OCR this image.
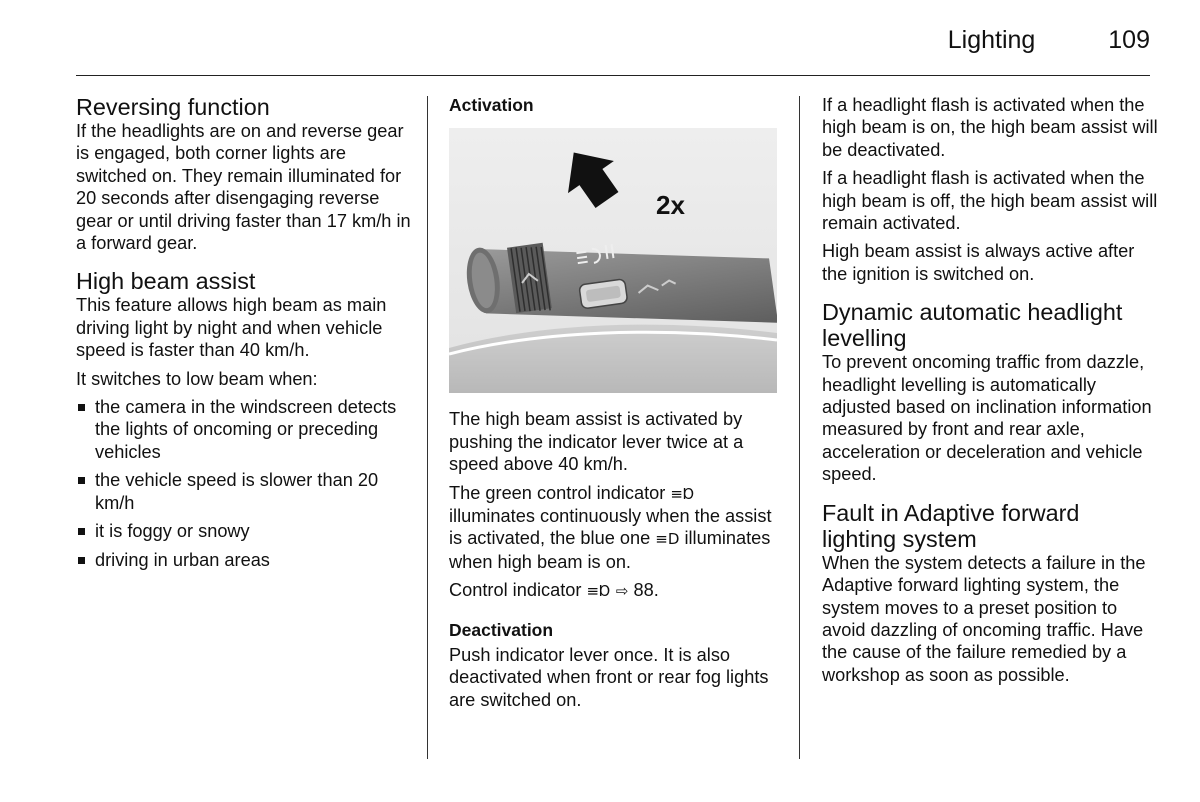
Lighting	109
Reversing function

If the headlights are on and reverse gear is engaged, both corner lights are switched on. They remain illuminated for 20 seconds after disengaging reverse gear or until driving faster than 17 km/h in a forward gear.

High beam assist

This feature allows high beam as main driving light by night and when vehicle speed is faster than 40 km/h.

It switches to low beam when:

the camera in the windscreen detects the lights of oncoming or preceding vehicles
the vehicle speed is slower than 20 km/h
it is foggy or snowy
driving in urban areas
Activation
2x

The high beam assist is activated by pushing the indicator lever twice at a speed above 40 km/h.

The green control indicator ≡Ɒ illuminates continuously when the assist is activated, the blue one ≡D illuminates when high beam is on.

Control indicator ≡Ɒ ⇨ 88.

Deactivation

Push indicator lever once. It is also deactivated when front or rear fog lights are switched on.

If a headlight flash is activated when the high beam is on, the high beam assist will be deactivated.

If a headlight flash is activated when the high beam is off, the high beam assist will remain activated.

High beam assist is always active after the ignition is switched on.

Dynamic automatic headlight levelling

To prevent oncoming traffic from dazzle, headlight levelling is automatically adjusted based on inclination information measured by front and rear axle, acceleration or deceleration and vehicle speed.

Fault in Adaptive forward lighting system

When the system detects a failure in the Adaptive forward lighting system, the system moves to a preset position to avoid dazzling of oncoming traffic. Have the cause of the failure remedied by a workshop as soon as possible.
